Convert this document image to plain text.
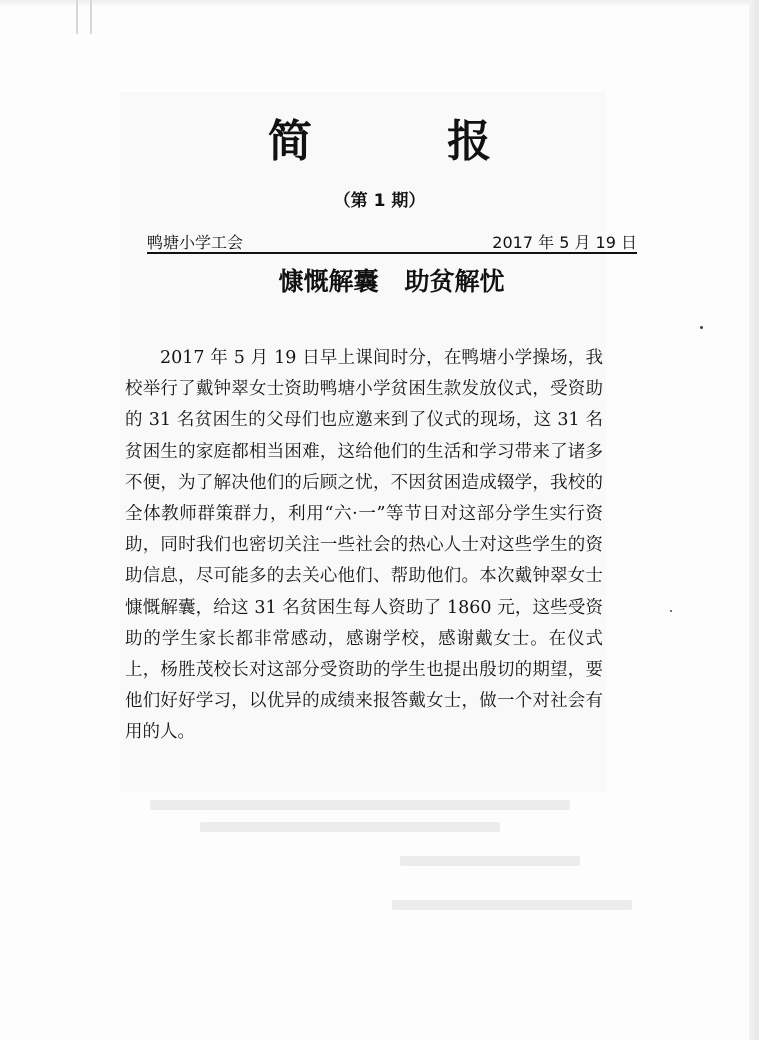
简 报
（第 1 期）
鸭塘小学工会	2017 年 5 月 19 日
慷慨解囊 助贫解忧
2017 年 5 月 19 日早上课间时分，在鸭塘小学操场，我校举行了戴钟翠女士资助鸭塘小学贫困生款发放仪式，受资助的 31 名贫困生的父母们也应邀来到了仪式的现场，这 31 名贫困生的家庭都相当困难，这给他们的生活和学习带来了诸多不便，为了解决他们的后顾之忧，不因贫困造成辍学，我校的全体教师群策群力，利用“六·一”等节日对这部分学生实行资助，同时我们也密切关注一些社会的热心人士对这些学生的资助信息，尽可能多的去关心他们、帮助他们。本次戴钟翠女士慷慨解囊，给这 31 名贫困生每人资助了 1860 元，这些受资助的学生家长都非常感动，感谢学校，感谢戴女士。在仪式上，杨胜茂校长对这部分受资助的学生也提出殷切的期望，要他们好好学习，以优异的成绩来报答戴女士，做一个对社会有用的人。
